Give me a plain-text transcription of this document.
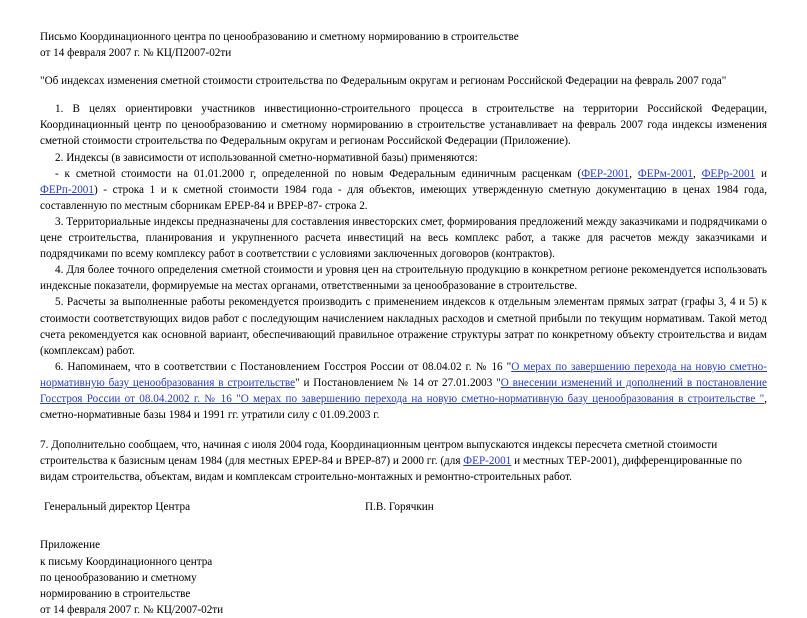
Письмо Координационного центра по ценообразованию и сметному нормированию в строительстве
от 14 февраля 2007 г. № КЦ/П2007-02ти
"Об индексах изменения сметной стоимости строительства по Федеральным округам и регионам Российской Федерации на февраль 2007 года"

1. В целях ориентировки участников инвестиционно-строительного процесса в строительстве на территории Российской Федерации, Координационный центр по ценообразованию и сметному нормированию в строительстве устанавливает на февраль 2007 года индексы изменения сметной стоимости строительства по Федеральным округам и регионам Российской Федерации (Приложение).

2. Индексы (в зависимости от использованной сметно-нормативной базы) применяются:

- к сметной стоимости на 01.01.2000 г, определенной по новым Федеральным единичным расценкам (ФЕР-2001, ФЕРм-2001, ФЕРр-2001 и ФЕРп-2001) - строка 1 и к сметной стоимости 1984 года - для объектов, имеющих утвержденную сметную документацию в ценах 1984 года, составленную по местным сборникам ЕРЕР-84 и ВРЕР-87- строка 2.

3. Территориальные индексы предназначены для составления инвесторских смет, формирования предложений между заказчиками и подрядчиками о цене строительства, планирования и укрупненного расчета инвестиций на весь комплекс работ, а также для расчетов между заказчиками и подрядчиками по всему комплексу работ в соответствии с условиями заключенных договоров (контрактов).

4. Для более точного определения сметной стоимости и уровня цен на строительную продукцию в конкретном регионе рекомендуется использовать индексные показатели, формируемые на местах органами, ответственными за ценообразование в строительстве.

5. Расчеты за выполненные работы рекомендуется производить с применением индексов к отдельным элементам прямых затрат (графы 3, 4 и 5) к стоимости соответствующих видов работ с последующим начислением накладных расходов и сметной прибыли по текущим нормативам. Такой метод счета рекомендуется как основной вариант, обеспечивающий правильное отражение структуры затрат по конкретному объекту строительства и видам (комплексам) работ.

6. Напоминаем, что в соответствии с Постановлением Госстроя России от 08.04.02 г. № 16 "О мерах по завершению перехода на новую сметно-нормативную базу ценообразования в строительстве" и Постановлением № 14 от 27.01.2003 "О внесении изменений и дополнений в постановление Госстроя России от 08.04.2002 г. № 16 "О мерах по завершению перехода на новую сметно-нормативную базу ценообразования в строительстве ", сметно-нормативные базы 1984 и 1991 гг. утратили силу с 01.09.2003 г.

7. Дополнительно сообщаем, что, начиная с июля 2004 года, Координационным центром выпускаются индексы пересчета сметной стоимости строительства к базисным ценам 1984 (для местных ЕРЕР-84 и ВРЕР-87) и 2000 гг. (для ФЕР-2001 и местных ТЕР-2001), дифференцированные по видам строительства, объектам, видам и комплексам строительно-монтажных и ремонтно-строительных работ.

Генеральный директор Центра	П.В. Горячкин
Приложение
к письму Координационного центра
по ценообразованию и сметному
нормированию в строительстве
от 14 февраля 2007 г. № КЦ/2007-02ти
